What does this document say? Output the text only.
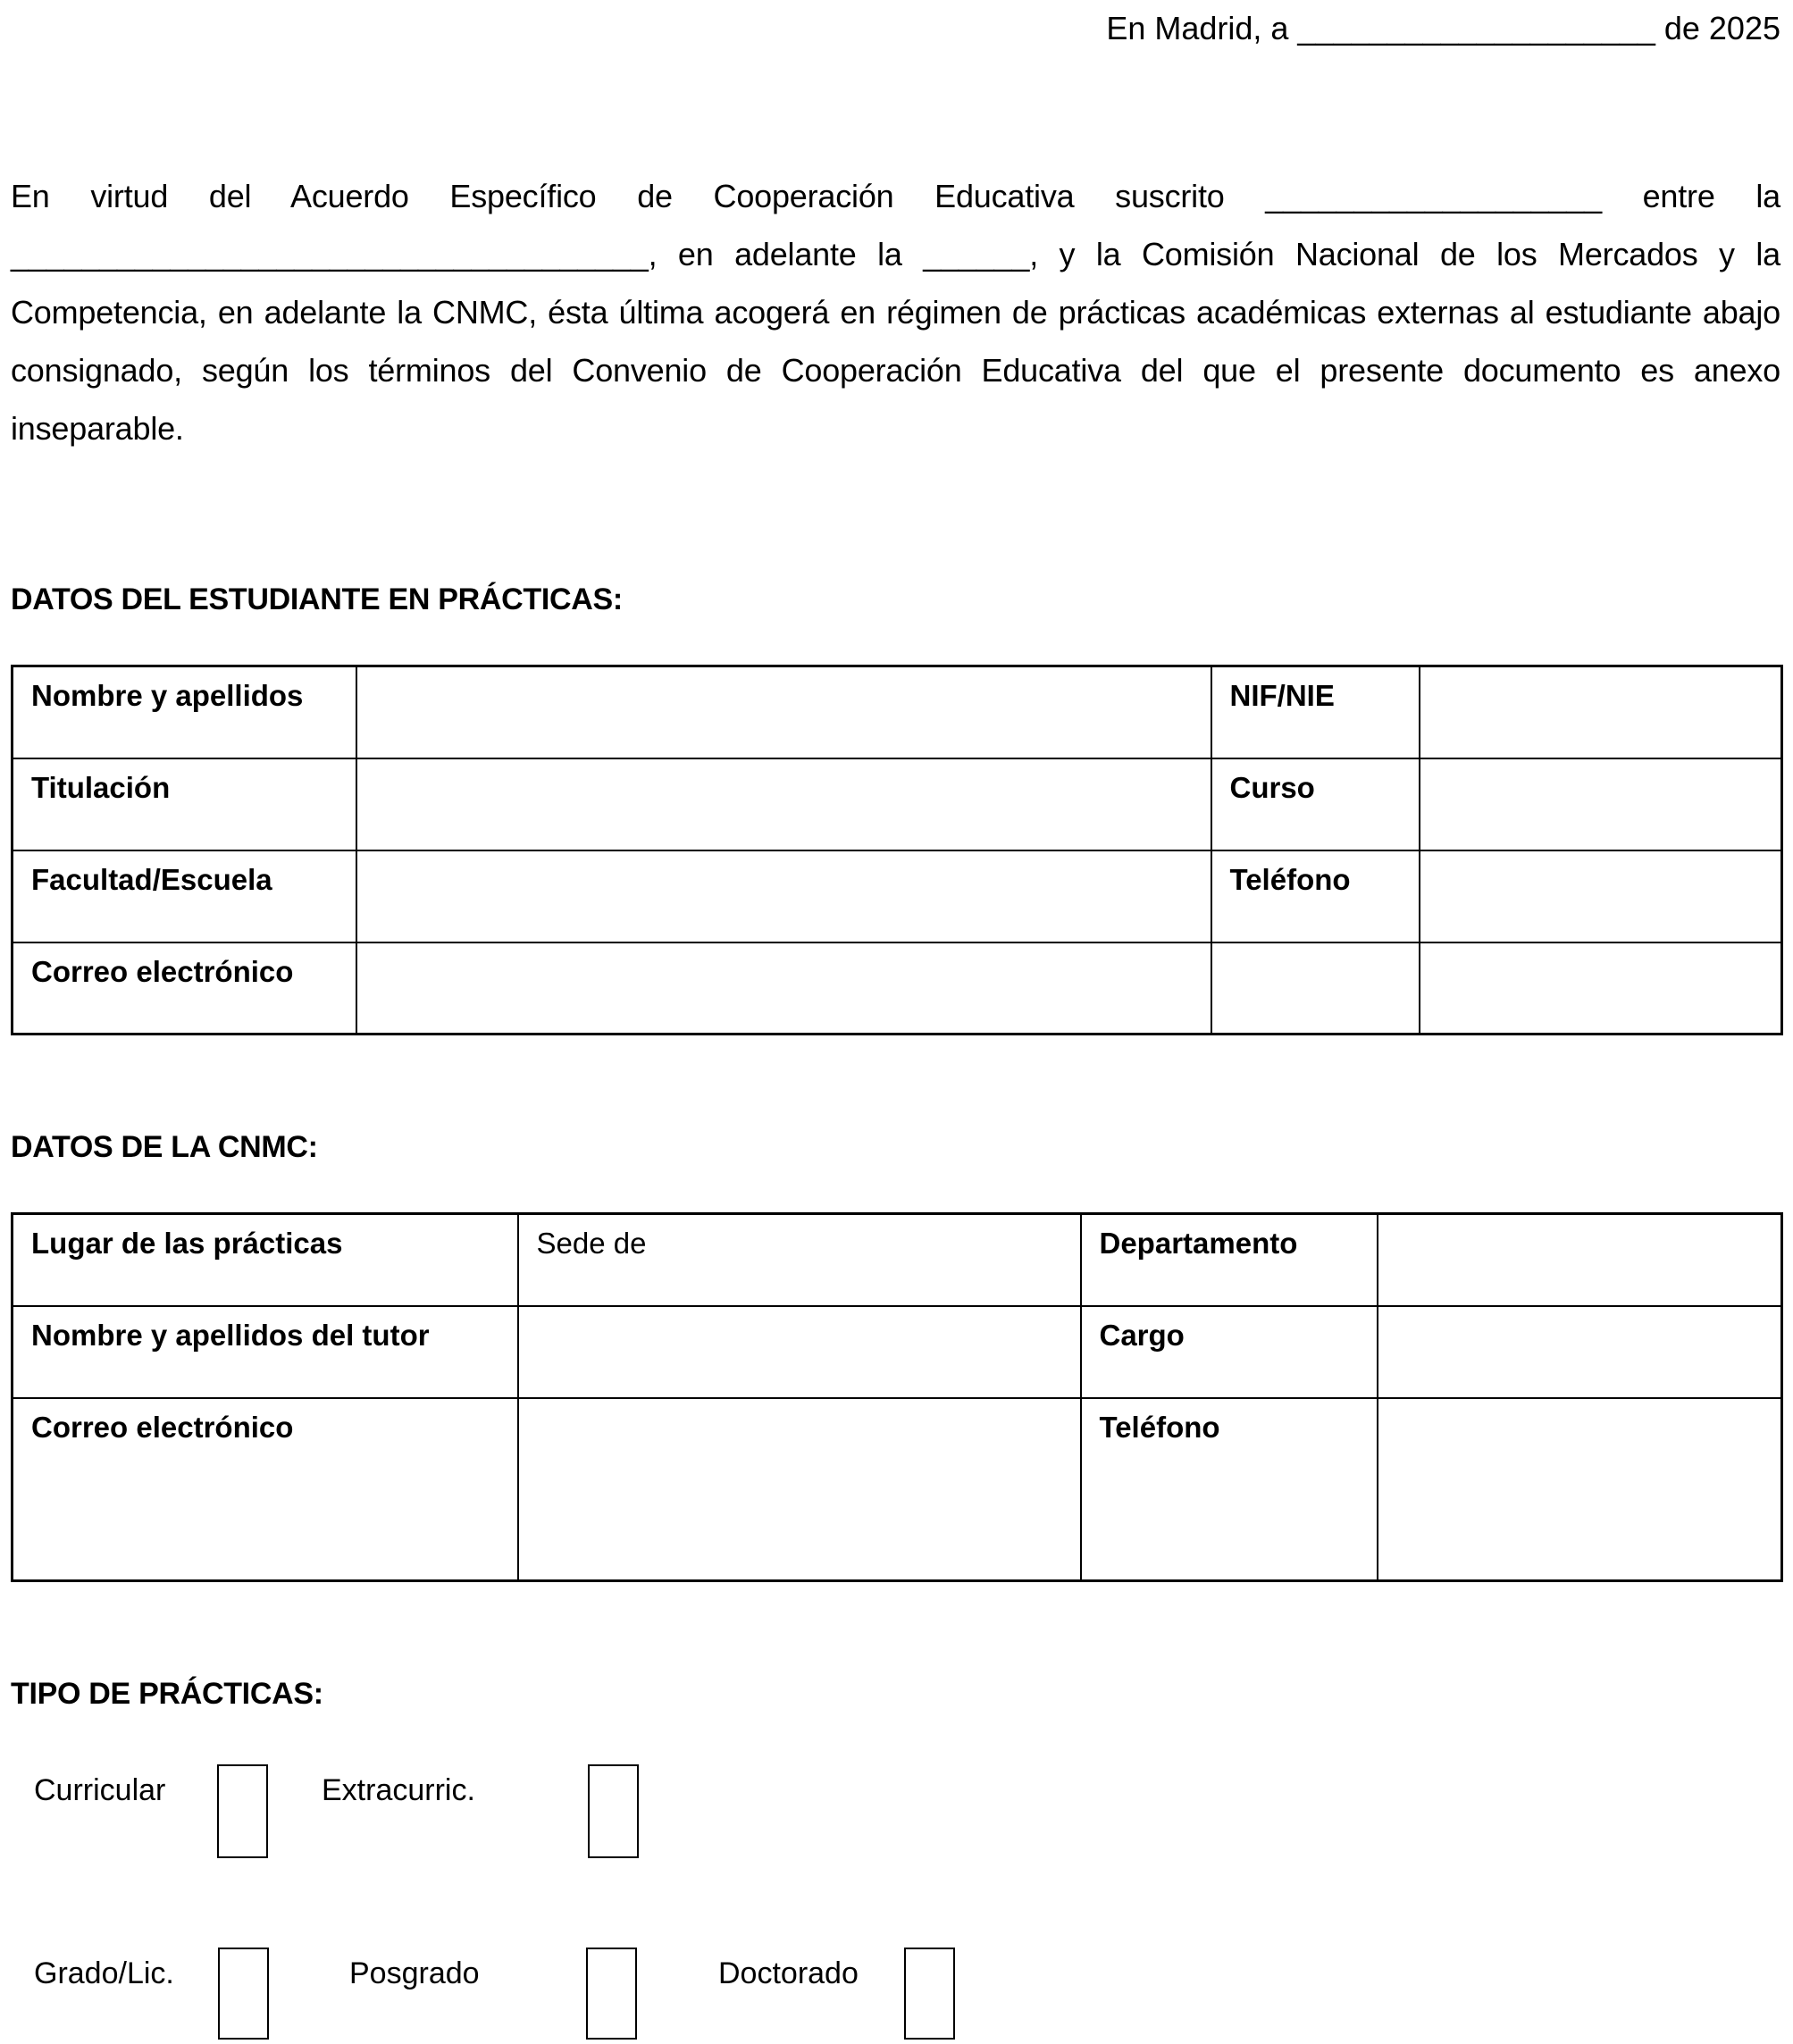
En Madrid, a ____________________ de 2025

En virtud del Acuerdo Específico de Cooperación Educativa suscrito ___________________ entre la ____________________________________, en adelante la ______, y la Comisión Nacional de los Mercados y la Competencia, en adelante la CNMC, ésta última acogerá en régimen de prácticas académicas externas al estudiante abajo consignado, según los términos del Convenio de Cooperación Educativa del que el presente documento es anexo inseparable.

DATOS DEL ESTUDIANTE EN PRÁCTICAS:
Nombre y apellidos		NIF/NIE	
Titulación		Curso	
Facultad/Escuela		Teléfono	
Correo electrónico			
DATOS DE LA CNMC:
Lugar de las prácticas	Sede de	Departamento	
Nombre y apellidos del tutor		Cargo	
Correo electrónico		Teléfono	
TIPO DE PRÁCTICAS:
Curricular	Extracurric.
Grado/Lic.	Posgrado	Doctorado
